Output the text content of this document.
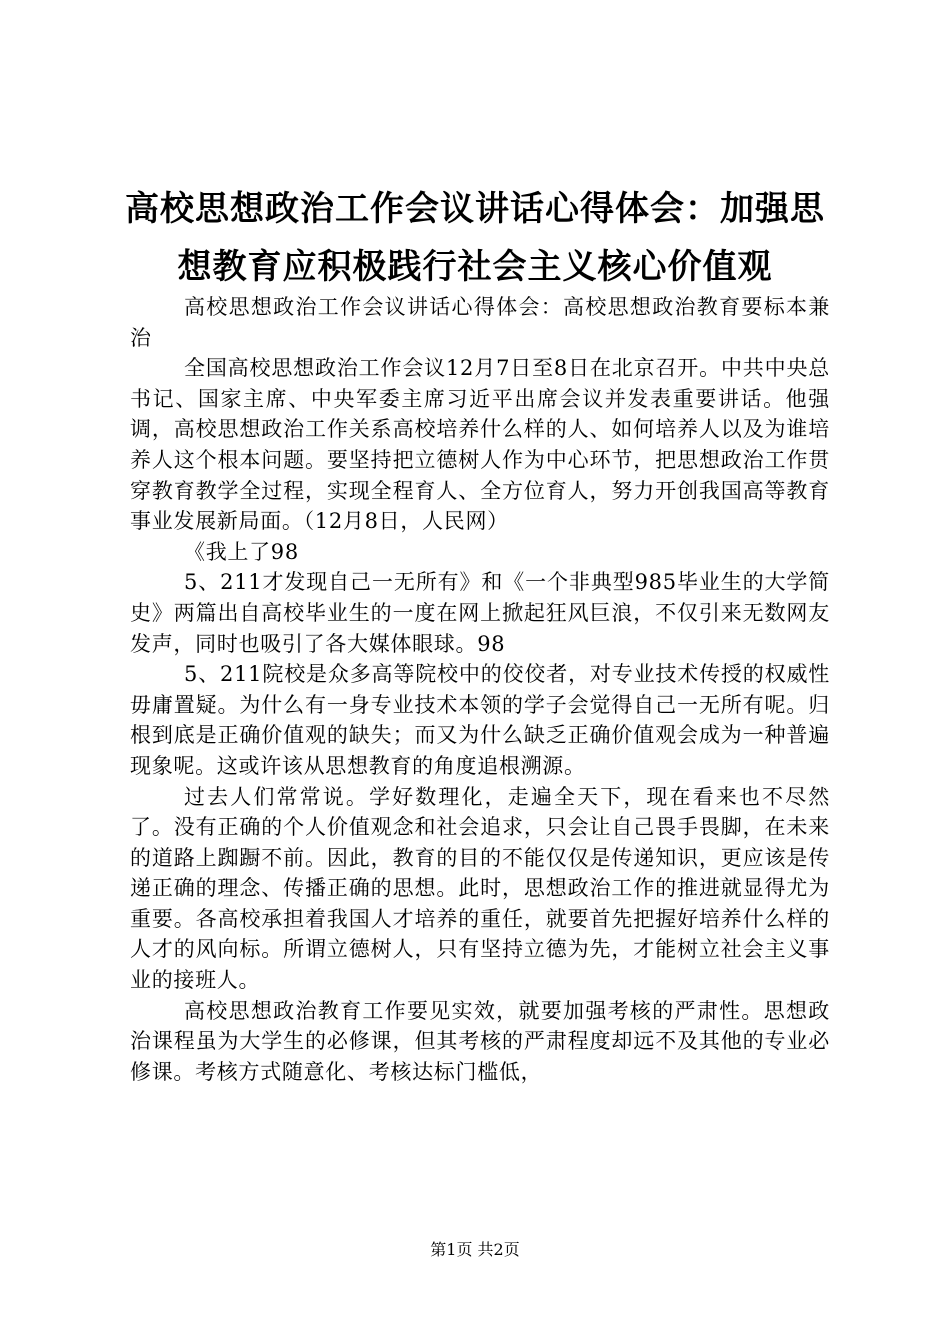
高校思想政治工作会议讲话心得体会：加强思想教育应积极践行社会主义核心价值观

高校思想政治工作会议讲话心得体会：高校思想政治教育要标本兼治

全国高校思想政治工作会议12月7日至8日在北京召开。中共中央总书记、国家主席、中央军委主席习近平出席会议并发表重要讲话。他强调，高校思想政治工作关系高校培养什么样的人、如何培养人以及为谁培养人这个根本问题。要坚持把立德树人作为中心环节，把思想政治工作贯穿教育教学全过程，实现全程育人、全方位育人，努力开创我国高等教育事业发展新局面。（12月8日，人民网）

《我上了98

5、211才发现自己一无所有》和《一个非典型985毕业生的大学简史》两篇出自高校毕业生的一度在网上掀起狂风巨浪，不仅引来无数网友发声，同时也吸引了各大媒体眼球。98

5、211院校是众多高等院校中的佼佼者，对专业技术传授的权威性毋庸置疑。为什么有一身专业技术本领的学子会觉得自己一无所有呢。归根到底是正确价值观的缺失；而又为什么缺乏正确价值观会成为一种普遍现象呢。这或许该从思想教育的角度追根溯源。

过去人们常常说。学好数理化，走遍全天下，现在看来也不尽然了。没有正确的个人价值观念和社会追求，只会让自己畏手畏脚，在未来的道路上踟蹰不前。因此，教育的目的不能仅仅是传递知识，更应该是传递正确的理念、传播正确的思想。此时，思想政治工作的推进就显得尤为重要。各高校承担着我国人才培养的重任，就要首先把握好培养什么样的人才的风向标。所谓立德树人，只有坚持立德为先，才能树立社会主义事业的接班人。

高校思想政治教育工作要见实效，就要加强考核的严肃性。思想政治课程虽为大学生的必修课，但其考核的严肃程度却远不及其他的专业必修课。考核方式随意化、考核达标门槛低，

第1页 共2页
